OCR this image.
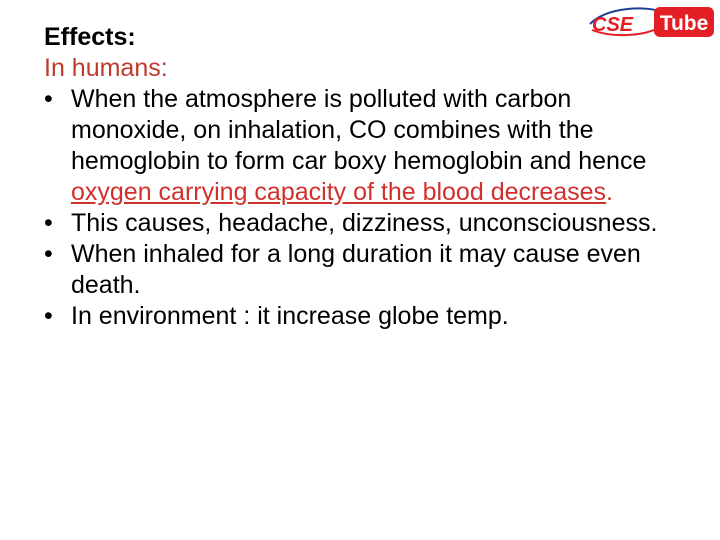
CSE Tube
Effects:
In humans:
• When the atmosphere is polluted with carbon monoxide, on inhalation, CO combines with the hemoglobin to form car boxy hemoglobin and hence oxygen carrying capacity of the blood decreases.
• This causes, headache, dizziness, unconsciousness.
• When inhaled for a long duration it may cause even death.
• In environment : it increase globe temp.
